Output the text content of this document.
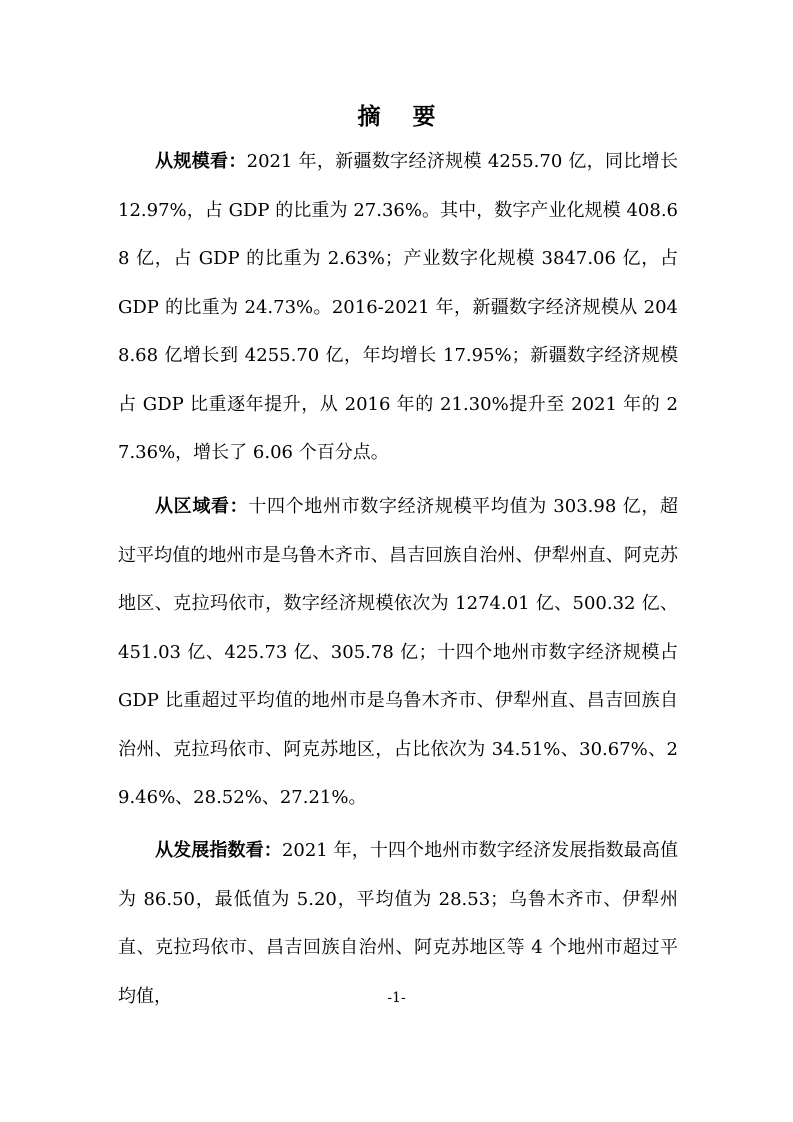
摘 要

从规模看：2021 年，新疆数字经济规模 4255.70 亿，同比增长 12.97%，占 GDP 的比重为 27.36%。其中，数字产业化规模 408.68 亿，占 GDP 的比重为 2.63%；产业数字化规模 3847.06 亿，占 GDP 的比重为 24.73%。2016-2021 年，新疆数字经济规模从 2048.68 亿增长到 4255.70 亿，年均增长 17.95%；新疆数字经济规模占 GDP 比重逐年提升，从 2016 年的 21.30%提升至 2021 年的 27.36%，增长了 6.06 个百分点。

从区域看：十四个地州市数字经济规模平均值为 303.98 亿，超过平均值的地州市是乌鲁木齐市、昌吉回族自治州、伊犁州直、阿克苏地区、克拉玛依市，数字经济规模依次为 1274.01 亿、500.32 亿、451.03 亿、425.73 亿、305.78 亿；十四个地州市数字经济规模占 GDP 比重超过平均值的地州市是乌鲁木齐市、伊犁州直、昌吉回族自治州、克拉玛依市、阿克苏地区，占比依次为 34.51%、30.67%、29.46%、28.52%、27.21%。

从发展指数看：2021 年，十四个地州市数字经济发展指数最高值为 86.50，最低值为 5.20，平均值为 28.53；乌鲁木齐市、伊犁州直、克拉玛依市、昌吉回族自治州、阿克苏地区等 4 个地州市超过平均值，	-1-
